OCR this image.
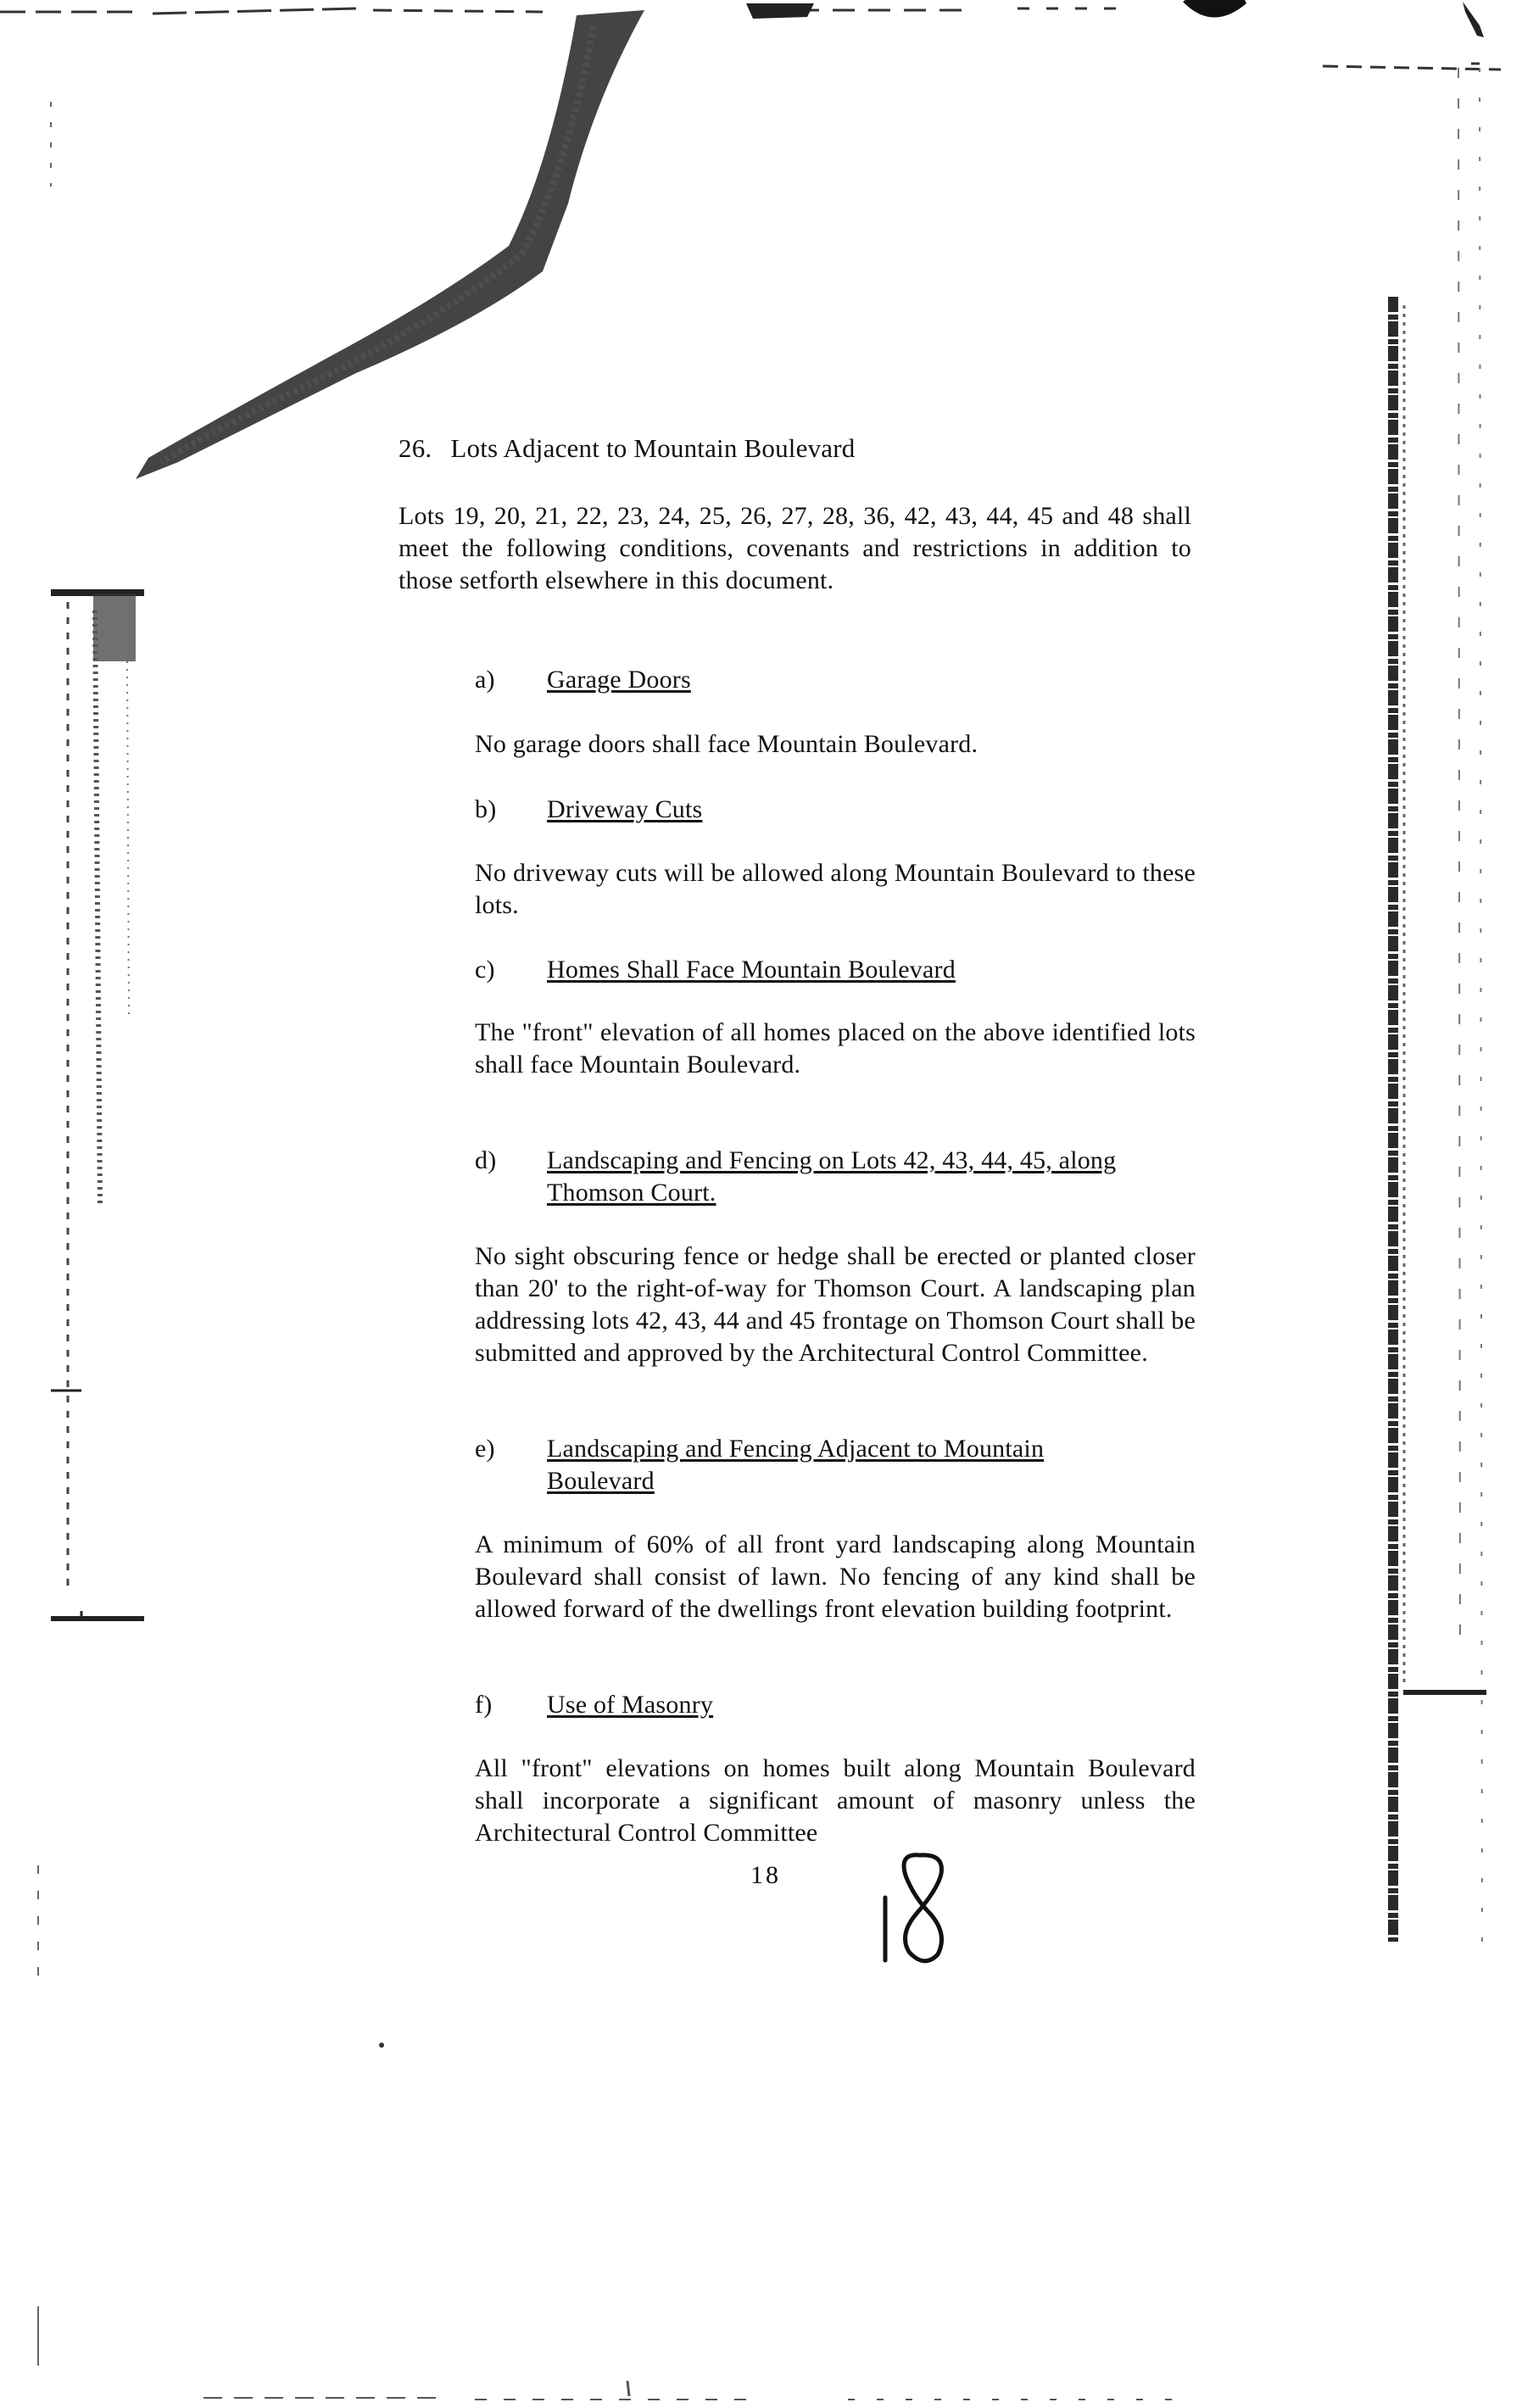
26. Lots Adjacent to Mountain Boulevard
Lots 19, 20, 21, 22, 23, 24, 25, 26, 27, 28, 36, 42, 43, 44, 45 and 48 shall meet the following conditions, covenants and restrictions in addition to those setforth elsewhere in this document.
a) Garage Doors
No garage doors shall face Mountain Boulevard.
b) Driveway Cuts
No driveway cuts will be allowed along Mountain Boulevard to these lots.
c) Homes Shall Face Mountain Boulevard
The "front" elevation of all homes placed on the above identified lots shall face Mountain Boulevard.
d) Landscaping and Fencing on Lots 42, 43, 44, 45, along Thomson Court.
No sight obscuring fence or hedge shall be erected or planted closer than 20' to the right-of-way for Thomson Court. A landscaping plan addressing lots 42, 43, 44 and 45 frontage on Thomson Court shall be submitted and approved by the Architectural Control Committee.
e) Landscaping and Fencing Adjacent to Mountain Boulevard
A minimum of 60% of all front yard landscaping along Mountain Boulevard shall consist of lawn. No fencing of any kind shall be allowed forward of the dwellings front elevation building footprint.
f) Use of Masonry
All "front" elevations on homes built along Mountain Boulevard shall incorporate a significant amount of masonry unless the Architectural Control Committee
18
